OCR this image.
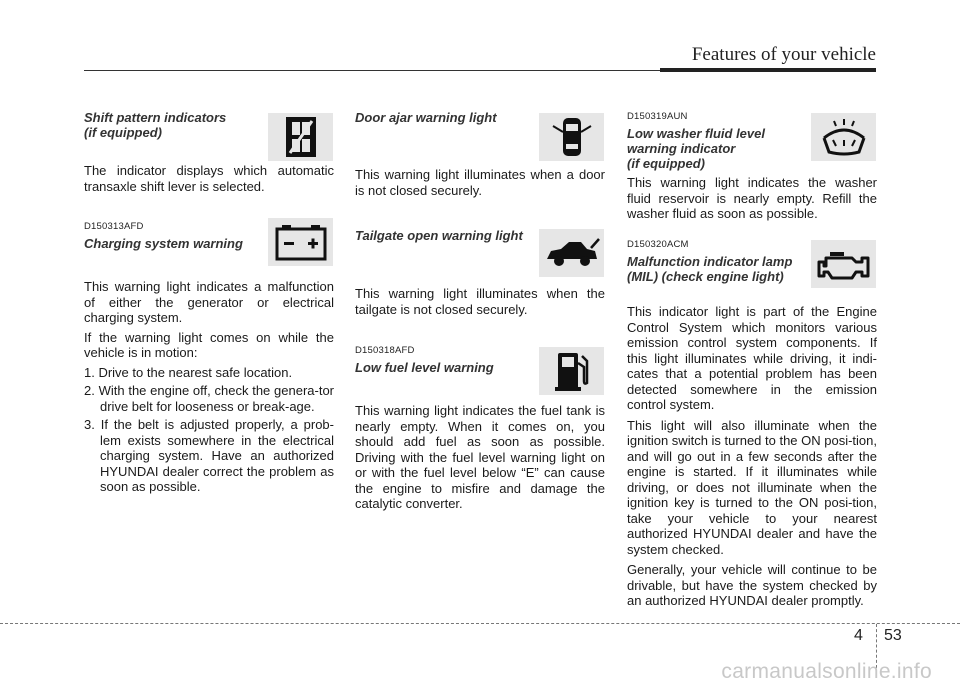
Features of your vehicle
Shift pattern indicators
(if equipped)
The indicator displays which automatic transaxle shift lever is selected.
D150313AFD
Charging system warning
This warning light indicates a malfunction of either the generator or electrical charging system.
If the warning light comes on while the vehicle is in motion:
1. Drive to the nearest safe location.
2. With the engine off, check the genera-tor drive belt for looseness or break-age.
3. If the belt is adjusted properly, a prob-lem exists somewhere in the electrical charging system. Have an authorized HYUNDAI dealer correct the problem as soon as possible.
Door ajar warning light
This warning light illuminates when a door is not closed securely.
Tailgate open warning light
This warning light illuminates when the tailgate is not closed securely.
D150318AFD
Low fuel level warning
This warning light indicates the fuel tank is nearly empty. When it comes on, you should add fuel as soon as possible. Driving with the fuel level warning light on or with the fuel level below “E” can cause the engine to misfire and damage the catalytic converter.
D150319AUN
Low washer fluid level
warning indicator
(if equipped)
This warning light indicates the washer fluid reservoir is nearly empty. Refill the washer fluid as soon as possible.
D150320ACM
Malfunction indicator lamp
(MIL) (check engine light)
This indicator light is part of the Engine Control System which monitors various emission control system components. If this light illuminates while driving, it indi-cates that a potential problem has been detected somewhere in the emission control system.
This light will also illuminate when the ignition switch is turned to the ON posi-tion, and will go out in a few seconds after the engine is started. If it illuminates while driving, or does not illuminate when the ignition key is turned to the ON posi-tion, take your vehicle to your nearest authorized HYUNDAI dealer and have the system checked.
Generally, your vehicle will continue to be drivable, but have the system checked by an authorized HYUNDAI dealer promptly.
4 53
carmanualsonline.info
